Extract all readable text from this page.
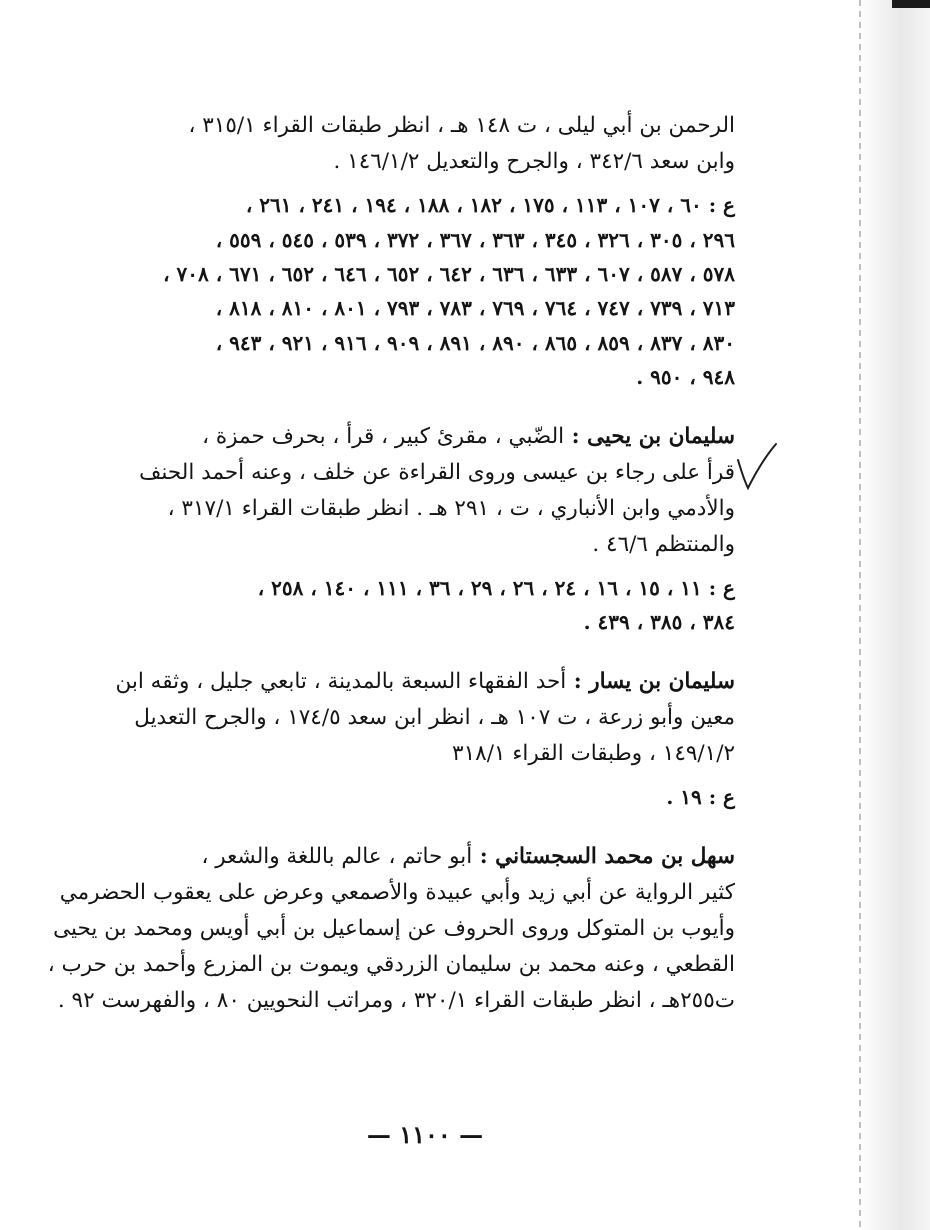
الرحمن بن أبي ليلى ، ت ١٤٨ هـ ، انظر طبقات القراء ٣١٥/١ ،
وابن سعد ٣٤٢/٦ ، والجرح والتعديل ١٤٦/١/٢ .
ع : ٦٠ ، ١٠٧ ، ١١٣ ، ١٧٥ ، ١٨٢ ، ١٨٨ ، ١٩٤ ، ٢٤١ ، ٢٦١ ،
٢٩٦ ، ٣٠٥ ، ٣٢٦ ، ٣٤٥ ، ٣٦٣ ، ٣٦٧ ، ٣٧٢ ، ٥٣٩ ، ٥٤٥ ، ٥٥٩ ،
٥٧٨ ، ٥٨٧ ، ٦٠٧ ، ٦٣٣ ، ٦٣٦ ، ٦٤٢ ، ٦٥٢ ، ٦٤٦ ، ٦٥٢ ، ٦٧١ ، ٧٠٨ ،
٧١٣ ، ٧٣٩ ، ٧٤٧ ، ٧٦٤ ، ٧٦٩ ، ٧٨٣ ، ٧٩٣ ، ٨٠١ ، ٨١٠ ، ٨١٨ ،
٨٣٠ ، ٨٣٧ ، ٨٥٩ ، ٨٦٥ ، ٨٩٠ ، ٨٩١ ، ٩٠٩ ، ٩١٦ ، ٩٢١ ، ٩٤٣ ،
٩٤٨ ، ٩٥٠ .
سليمان بن يحيى : الضّبي ، مقرئ كبير ، قرأ ، بحرف حمزة ،
قرأ على رجاء بن عيسى وروى القراءة عن خلف ، وعنه أحمد الحنف
والأدمي وابن الأنباري ، ت ، ٢٩١ هـ . انظر طبقات القراء ٣١٧/١ ،
والمنتظم ٤٦/٦ .
ع : ١١ ، ١٥ ، ١٦ ، ٢٤ ، ٢٦ ، ٢٩ ، ٣٦ ، ١١١ ، ١٤٠ ، ٢٥٨ ،
٣٨٤ ، ٣٨٥ ، ٤٣٩ .
سليمان بن يسار : أحد الفقهاء السبعة بالمدينة ، تابعي جليل ، وثقه ابن
معين وأبو زرعة ، ت ١٠٧ هـ ، انظر ابن سعد ١٧٤/٥ ، والجرح التعديل
١٤٩/١/٢ ، وطبقات القراء ٣١٨/١
ع : ١٩ .
سهل بن محمد السجستاني : أبو حاتم ، عالم باللغة والشعر ،
كثير الرواية عن أبي زيد وأبي عبيدة والأصمعي وعرض على يعقوب الحضرمي
وأيوب بن المتوكل وروى الحروف عن إسماعيل بن أبي أويس ومحمد بن يحيى
القطعي ، وعنه محمد بن سليمان الزردقي ويموت بن المزرع وأحمد بن حرب ،
ت٢٥٥هـ ، انظر طبقات القراء ٣٢٠/١ ، ومراتب النحويين ٨٠ ، والفهرست ٩٢ .
— ١١٠٠ —
